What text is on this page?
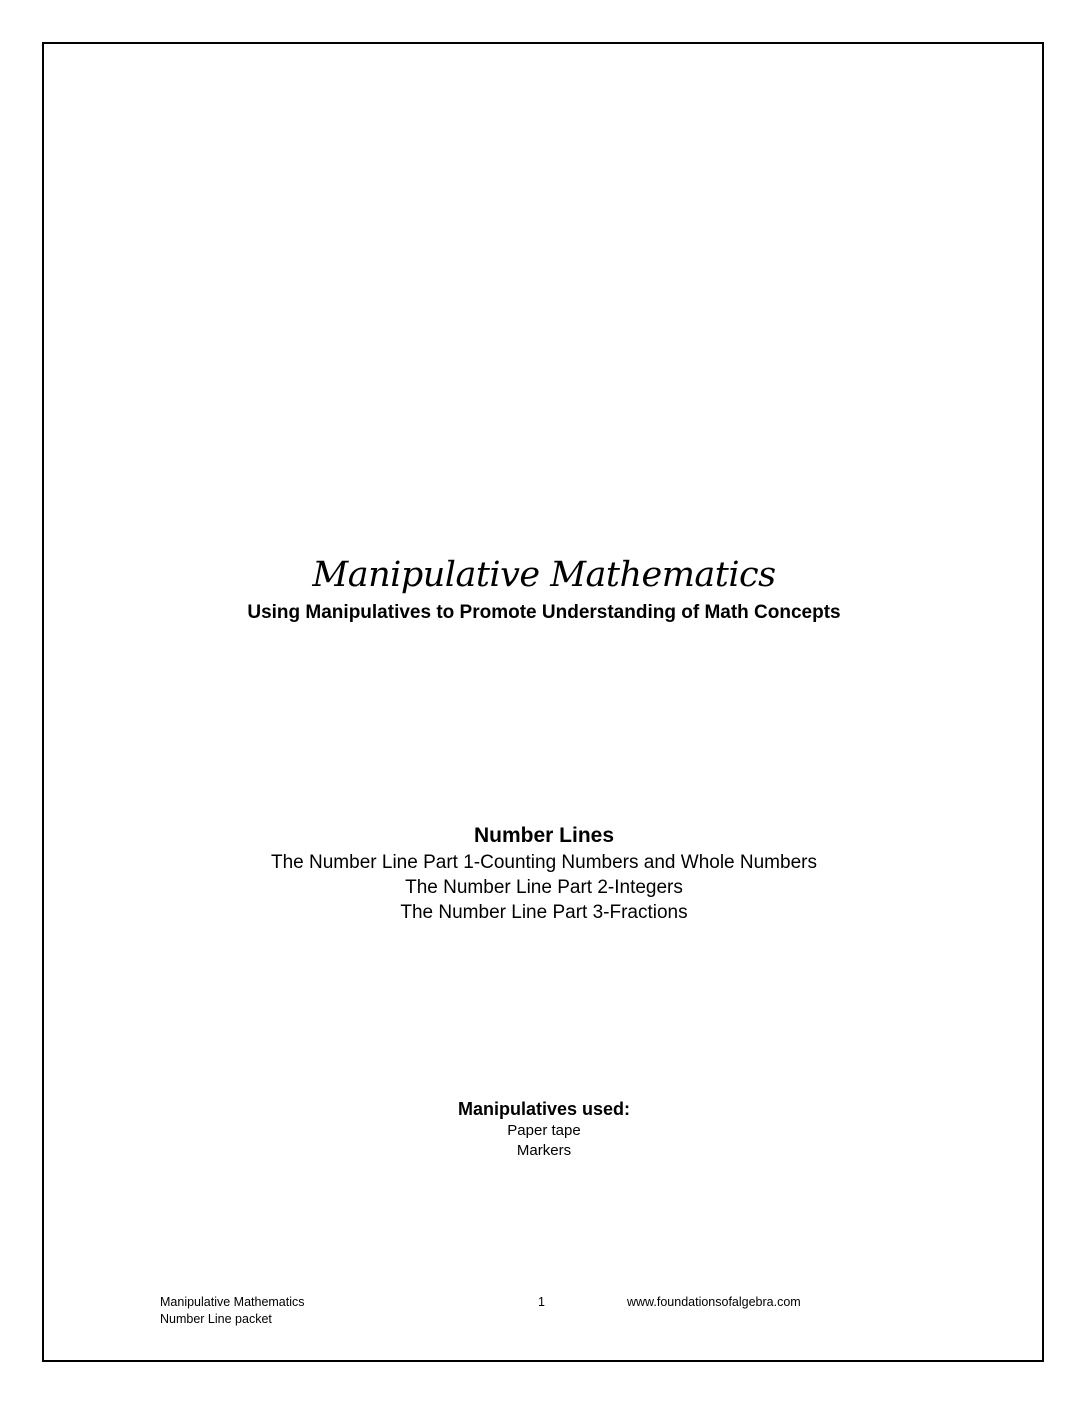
Manipulative Mathematics
Using Manipulatives to Promote Understanding of Math Concepts
Number Lines
The Number Line Part 1-Counting Numbers and Whole Numbers
The Number Line Part 2-Integers
The Number Line Part 3-Fractions
Manipulatives used:
Paper tape
Markers
Manipulative Mathematics
Number Line packet
1	www.foundationsofalgebra.com
